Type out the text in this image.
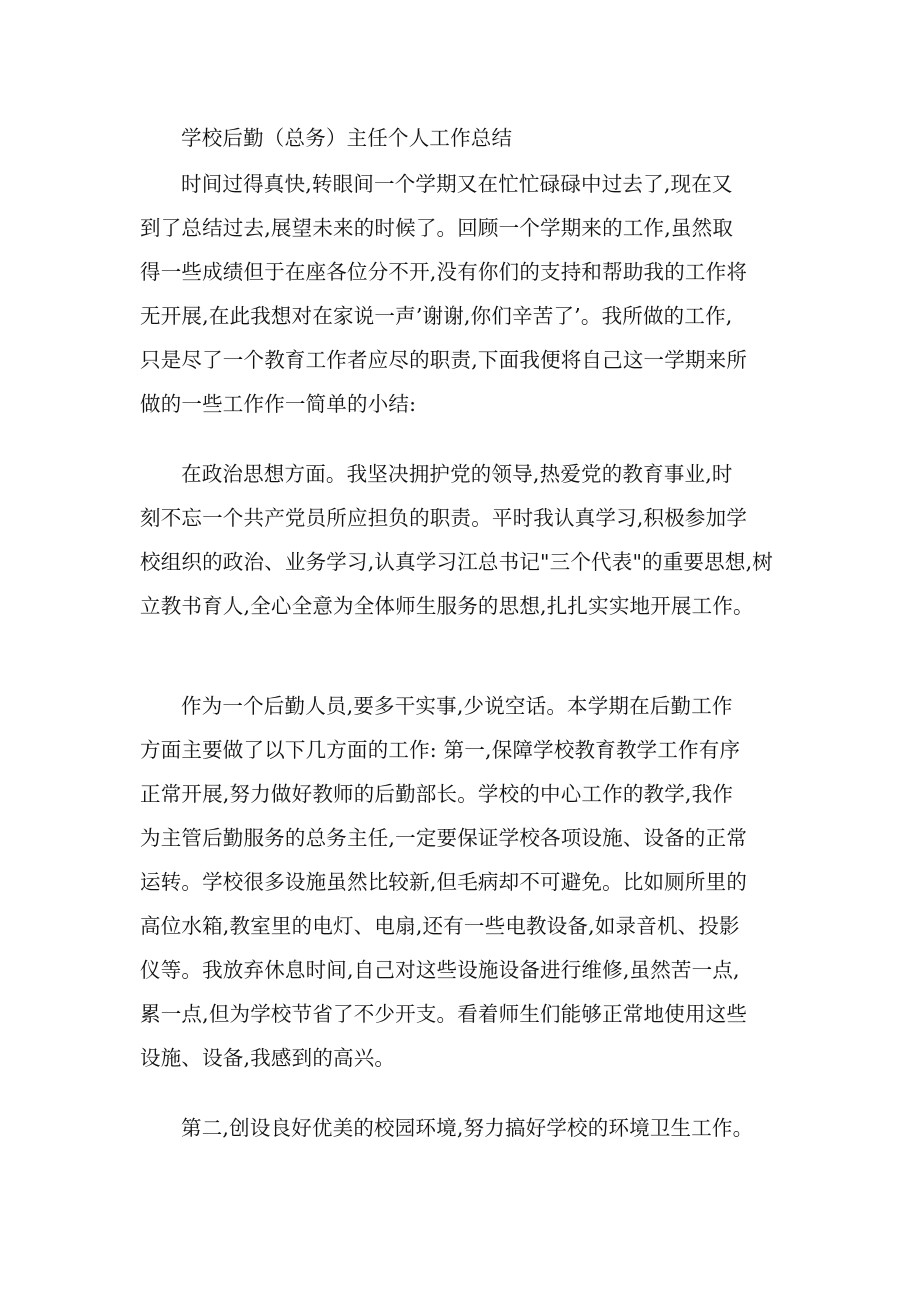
学校后勤（总务）主任个人工作总结
时间过得真快,转眼间一个学期又在忙忙碌碌中过去了,现在又
到了总结过去,展望未来的时候了。回顾一个学期来的工作,虽然取
得一些成绩但于在座各位分不开,没有你们的支持和帮助我的工作将
无开展,在此我想对在家说一声’谢谢,你们辛苦了’。我所做的工作,
只是尽了一个教育工作者应尽的职责,下面我便将自己这一学期来所
做的一些工作作一简单的小结:
在政治思想方面。我坚决拥护党的领导,热爱党的教育事业,时
刻不忘一个共产党员所应担负的职责。平时我认真学习,积极参加学
校组织的政治、业务学习,认真学习江总书记"三个代表"的重要思想,树
立教书育人,全心全意为全体师生服务的思想,扎扎实实地开展工作。
作为一个后勤人员,要多干实事,少说空话。本学期在后勤工作
方面主要做了以下几方面的工作: 第一,保障学校教育教学工作有序
正常开展,努力做好教师的后勤部长。学校的中心工作的教学,我作
为主管后勤服务的总务主任,一定要保证学校各项设施、设备的正常
运转。学校很多设施虽然比较新,但毛病却不可避免。比如厕所里的
高位水箱,教室里的电灯、电扇,还有一些电教设备,如录音机、投影
仪等。我放弃休息时间,自己对这些设施设备进行维修,虽然苦一点,
累一点,但为学校节省了不少开支。看着师生们能够正常地使用这些
设施、设备,我感到的高兴。
第二,创设良好优美的校园环境,努力搞好学校的环境卫生工作。
